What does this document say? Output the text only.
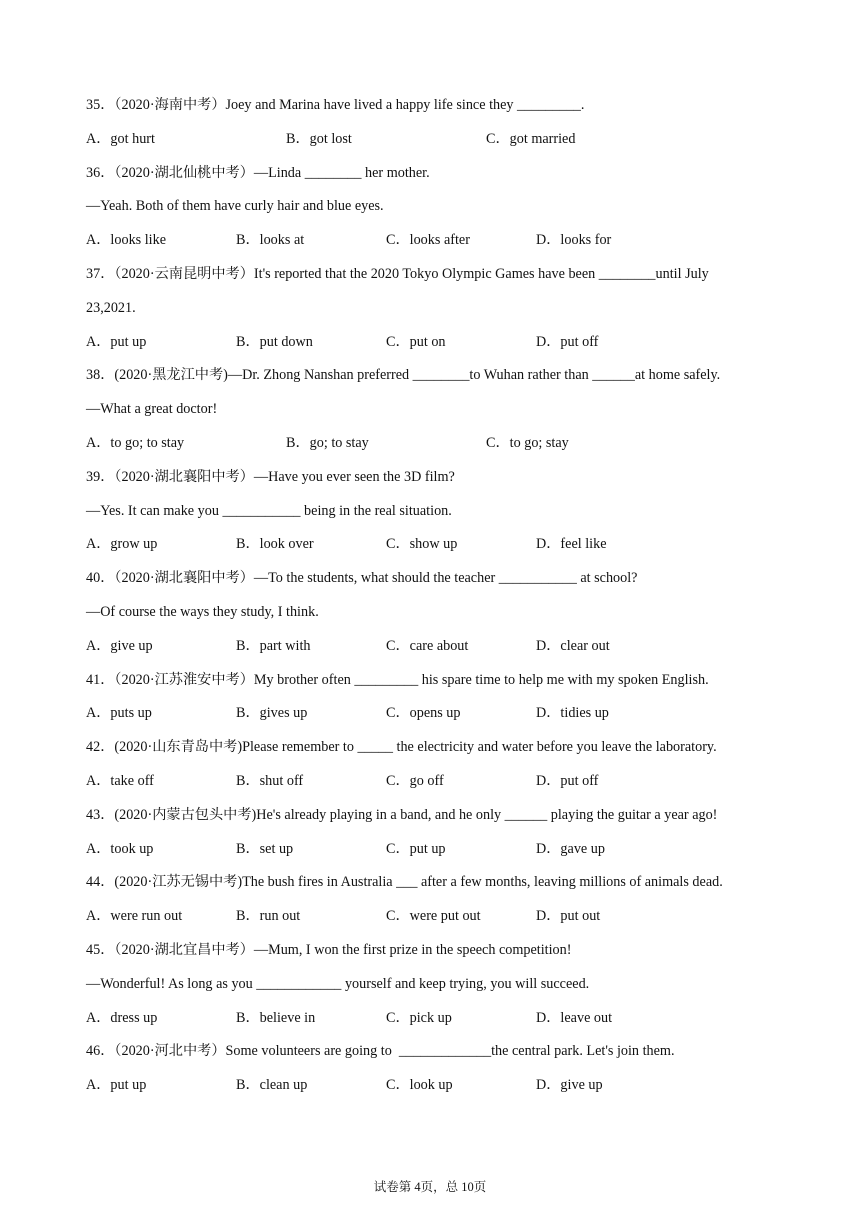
35．（2020·海南中考）Joey and Marina have lived a happy life since they _________.
A．got hurt	B．got lost	C．got married
36．（2020·湖北仙桃中考）—Linda ________ her mother.
—Yeah. Both of them have curly hair and blue eyes.
A．looks like	B．looks at	C．looks after	D．looks for
37．（2020·云南昆明中考）It's reported that the 2020 Tokyo Olympic Games have been ________until July
23,2021.
A．put up	B．put down	C．put on	D．put off
38．(2020·黑龙江中考)—Dr. Zhong Nanshan preferred ________to Wuhan rather than ______at home safely.
—What a great doctor!
A．to go; to stay	B．go; to stay	C．to go; stay
39．（2020·湖北襄阳中考）—Have you ever seen the 3D film?
—Yes. It can make you ___________ being in the real situation.
A．grow up	B．look over	C．show up	D．feel like
40．（2020·湖北襄阳中考）—To the students, what should the teacher ___________ at school?
—Of course the ways they study, I think.
A．give up	B．part with	C．care about	D．clear out
41．（2020·江苏淮安中考）My brother often _________ his spare time to help me with my spoken English.
A．puts up	B．gives up	C．opens up	D．tidies up
42．(2020·山东青岛中考)Please remember to _____ the electricity and water before you leave the laboratory.
A．take off	B．shut off	C．go off	D．put off
43．(2020·内蒙古包头中考)He's already playing in a band, and he only ______ playing the guitar a year ago!
A．took up	B．set up	C．put up	D．gave up
44．(2020·江苏无锡中考)The bush fires in Australia ___ after a few months, leaving millions of animals dead.
A．were run out	B．run out	C．were put out	D．put out
45．（2020·湖北宜昌中考）—Mum, I won the first prize in the speech competition!
—Wonderful! As long as you ____________ yourself and keep trying, you will succeed.
A．dress up	B．believe in	C．pick up	D．leave out
46．（2020·河北中考）Some volunteers are going to  _____________the central park. Let's join them.
A．put up	B．clean up	C．look up	D．give up
试卷第 4页，总 10页
